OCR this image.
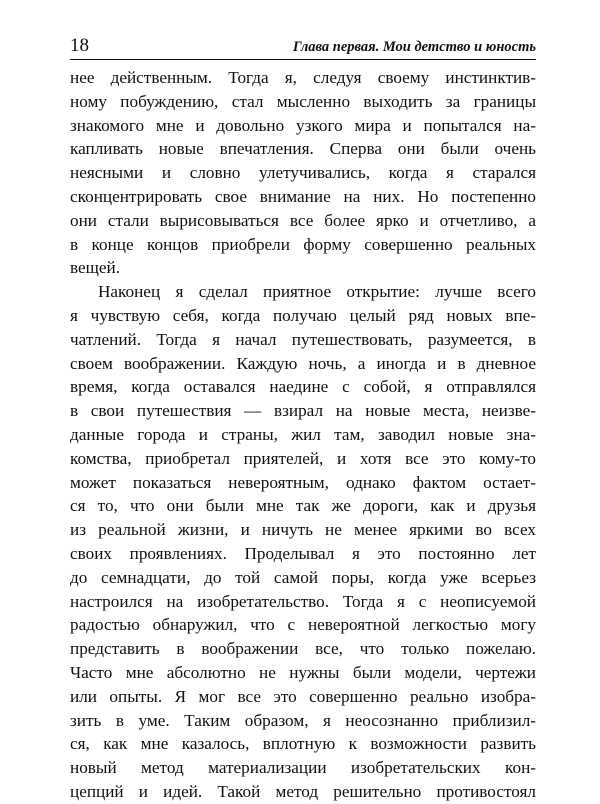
18	Глава первая. Мои детство и юность
нее действенным. Тогда я, следуя своему инстинктив-
ному побуждению, стал мысленно выходить за границы
знакомого мне и довольно узкого мира и попытался на-
капливать новые впечатления. Сперва они были очень
неясными и словно улетучивались, когда я старался
сконцентрировать свое внимание на них. Но постепенно
они стали вырисовываться все более ярко и отчетливо, а
в конце концов приобрели форму совершенно реальных
вещей.
Наконец я сделал приятное открытие: лучше всего
я чувствую себя, когда получаю целый ряд новых впе-
чатлений. Тогда я начал путешествовать, разумеется, в
своем воображении. Каждую ночь, а иногда и в дневное
время, когда оставался наедине с собой, я отправлялся
в свои путешествия — взирал на новые места, неизве-
данные города и страны, жил там, заводил новые зна-
комства, приобретал приятелей, и хотя все это кому-то
может показаться невероятным, однако фактом остает-
ся то, что они были мне так же дороги, как и друзья
из реальной жизни, и ничуть не менее яркими во всех
своих проявлениях. Проделывал я это постоянно лет
до семнадцати, до той самой поры, когда уже всерьез
настроился на изобретательство. Тогда я с неописуемой
радостью обнаружил, что с невероятной легкостью могу
представить в воображении все, что только пожелаю.
Часто мне абсолютно не нужны были модели, чертежи
или опыты. Я мог все это совершенно реально изобра-
зить в уме. Таким образом, я неосознанно приблизил-
ся, как мне казалось, вплотную к возможности развить
новый метод материализации изобретательских кон-
цепций и идей. Такой метод решительно противостоял
